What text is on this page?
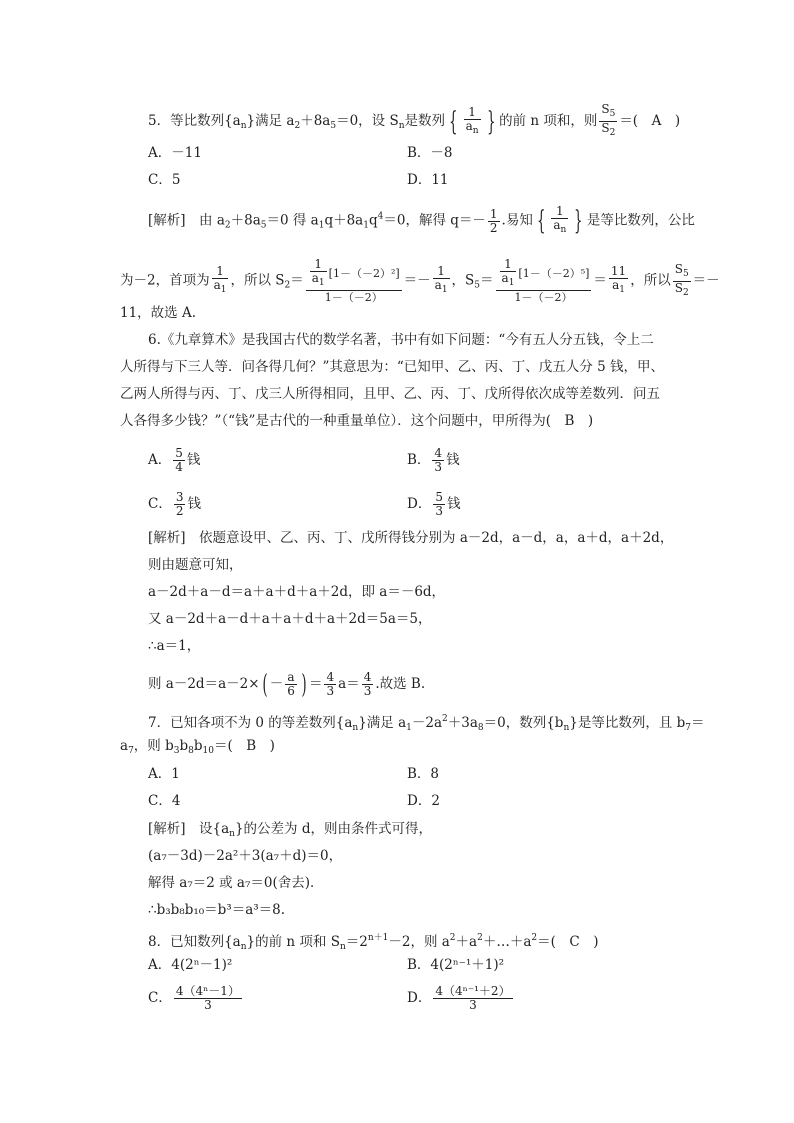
5．等比数列$\{a_n\}$满足 $a_2+8a_5=0$，设 $S_n$是数列 { $\frac{1}{a_n}$ } 的前 n 项和，则 $\frac{S_5}{S_2}$ ＝(　A　)
A．－11	B．－8
C．5	D．11
[解析]　由 $a_2+8a_5=0$ 得 $a_1q+8a_1q^4=0$，解得 $q=- \frac{1}{2}$ .易知 { $\frac{1}{a_n}$ } 是等比数列，公比
为－2，首项为 $\frac{1}{a_1}$ ，所以 $S_2= \frac{\frac{1}{a_1} [1-(-2)^2]}{1-(-2)} =- \frac{1}{a_1}$ ，$S_5= \frac{\frac{1}{a_1} [1-(-2)^5]}{1-(-2)} = \frac{11}{a_1}$ ，所以 $\frac{S_5}{S_2}$ ＝－
11，故选 A.
6.《九章算术》是我国古代的数学名著，书中有如下问题：“今有五人分五钱，令上二
人所得与下三人等．问各得几何？”其意思为：“已知甲、乙、丙、丁、戊五人分 5 钱，甲、
乙两人所得与丙、丁、戊三人所得相同，且甲、乙、丙、丁、戊所得依次成等差数列．问五
人各得多少钱？”（“钱”是古代的一种重量单位）．这个问题中，甲所得为(　B　)
A． $\frac{5}{4}$ 钱	B． $\frac{4}{3}$ 钱
C． $\frac{3}{2}$ 钱	D． $\frac{5}{3}$ 钱
[解析]　依题意设甲、乙、丙、丁、戊所得钱分别为 a－2d，a－d，a，a＋d，a＋2d，
则由题意可知，
a－2d＋a－d＝a＋a＋d＋a＋2d，即 a＝－6d，
又 a－2d＋a－d＋a＋a＋d＋a＋2d＝5a＝5，
∴a＝1，
则 $a-2d=a-2\times( - \frac{a}{6}$ ) ＝ $\frac{4}{3} a= \frac{4}{3}$ .故选 B.
7．已知各项不为 0 的等差数列$\{a_n\}$满足 $a_1-2a^2+3a_8=0$，数列$\{b_n\}$是等比数列，且 $b_7=$
$a_7$，则 $b_3b_8b_{10}=$(　B　)
A．1	B．8
C．4	D．2
[解析]　设$\{a_n\}$的公差为 d，则由条件式可得，
(a₇－3d)－2a²＋3(a₇＋d)＝0，
解得 a₇＝2 或 a₇＝0(舍去)．
∴b₃b₈b₁₀＝b³＝a³＝8.
8．已知数列$\{a_n\}$的前 n 项和 $S_n=2^{n+1}-2$，则 $a^2+a^2+\dots+a^2=$(　C　)
A．4(2ⁿ－1)²	B．4(2ⁿ⁻¹＋1)²
C． $\frac{\text{4（4ⁿ－1）}}{3}$	D． $\frac{\text{4（4ⁿ⁻¹＋2）}}{3}$
